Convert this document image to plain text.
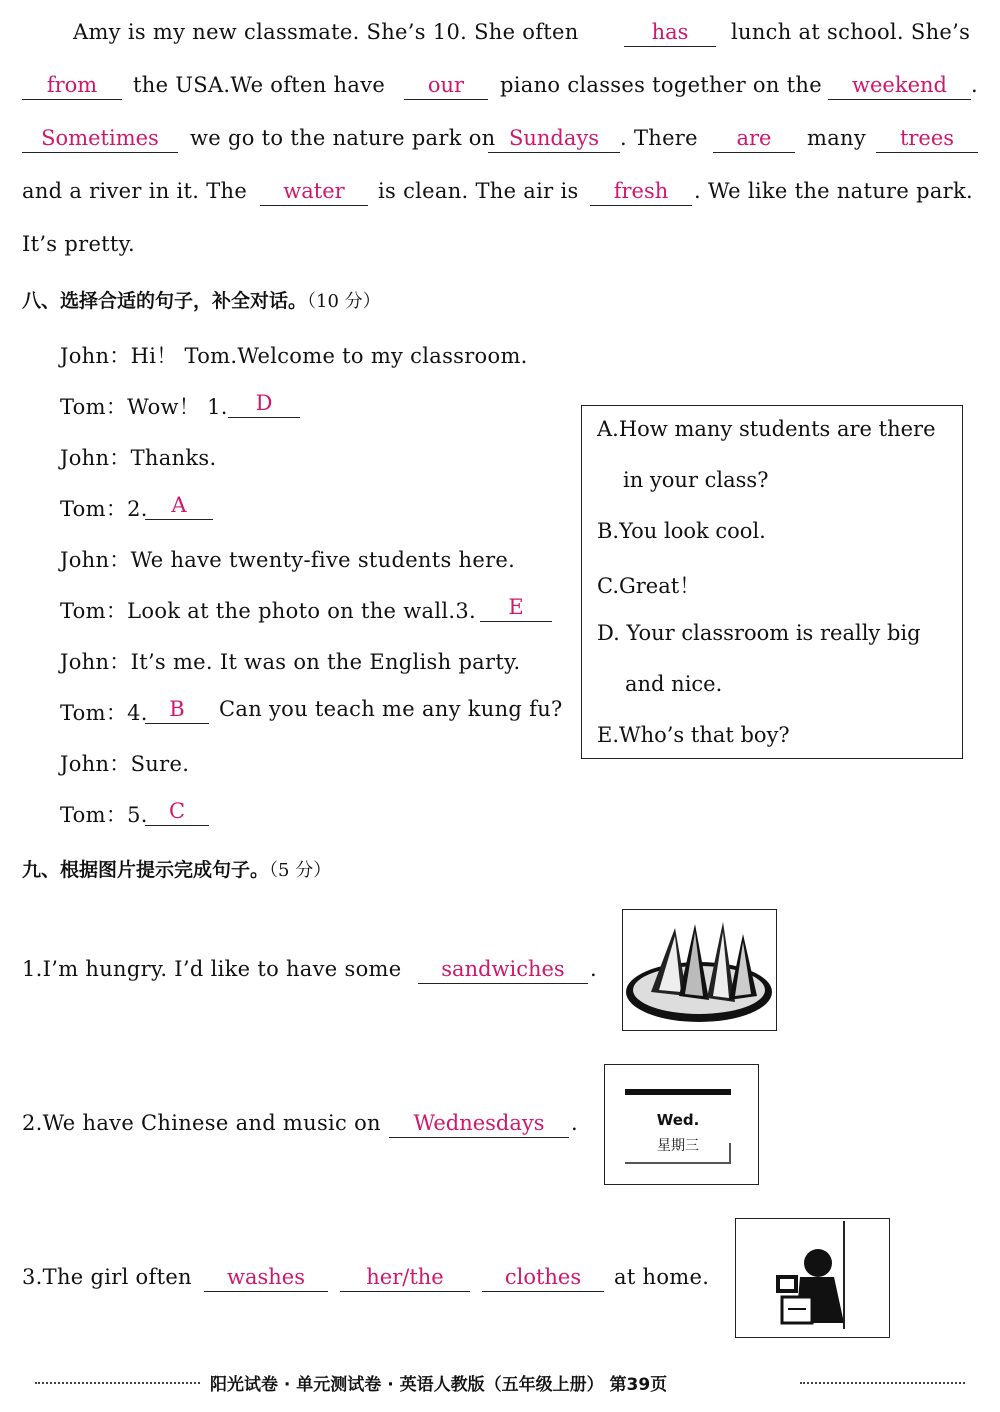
Amy is my new classmate. She’s 10. She often	has	lunch at school. She’s
from	the USA.We often have	our	piano classes together on the	weekend	.
Sometimes	we go to the nature park on Sundays . There	are	many	trees
and a river in it. The	water	is clean. The air is	fresh	. We like the nature park.
It’s pretty.
八、选择合适的句子，补全对话。（10 分）
John：Hi！ Tom.Welcome to my classroom.
Tom：Wow！ 1.	D
John：Thanks.
Tom：2.	A
John：We have twenty-five students here.
Tom：Look at the photo on the wall.3.	E
John：It’s me. It was on the English party.
Tom：4.	B	Can you teach me any kung fu?
John：Sure.
Tom：5.	C
A.How many students are there
in your class?
B.You look cool.
C.Great！
D. Your classroom is really big
and nice.
E.Who’s that boy?
九、根据图片提示完成句子。（5 分）
1.I’m hungry. I’d like to have some	sandwiches	.
2.We have Chinese and music on	Wednesdays	.	Wed.
星期三
3.The girl often	washes	her/the	clothes	at home.
阳光试卷 · 单元测试卷 · 英语人教版（五年级上册） 第39页
